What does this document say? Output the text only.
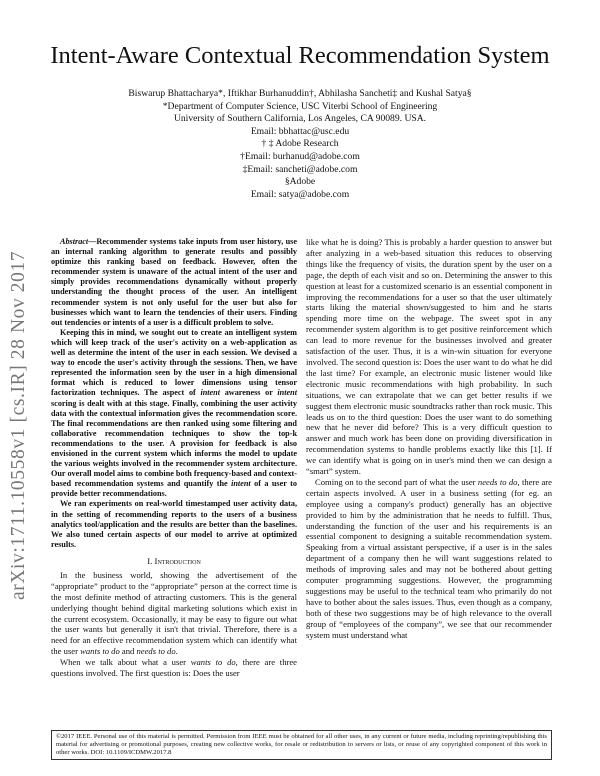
Intent-Aware Contextual Recommendation System
Biswarup Bhattacharya*, Iftikhar Burhanuddin†, Abhilasha Sancheti‡ and Kushal Satya§
*Department of Computer Science, USC Viterbi School of Engineering
University of Southern California, Los Angeles, CA 90089. USA.
Email: bbhattac@usc.edu
† ‡ Adobe Research
†Email: burhanud@adobe.com
‡Email: sancheti@adobe.com
§Adobe
Email: satya@adobe.com
arXiv:1711.10558v1 [cs.IR] 28 Nov 2017

Abstract—Recommender systems take inputs from user history, use an internal ranking algorithm to generate results and possibly optimize this ranking based on feedback. However, often the recommender system is unaware of the actual intent of the user and simply provides recommendations dynamically without properly understanding the thought process of the user. An intelligent recommender system is not only useful for the user but also for businesses which want to learn the tendencies of their users. Finding out tendencies or intents of a user is a difficult problem to solve.

Keeping this in mind, we sought out to create an intelligent system which will keep track of the user's activity on a web-application as well as determine the intent of the user in each session. We devised a way to encode the user's activity through the sessions. Then, we have represented the information seen by the user in a high dimensional format which is reduced to lower dimensions using tensor factorization techniques. The aspect of intent awareness or intent scoring is dealt with at this stage. Finally, combining the user activity data with the contextual information gives the recommendation score. The final recommendations are then ranked using some filtering and collaborative recommendation techniques to show the top-k recommendations to the user. A provision for feedback is also envisioned in the current system which informs the model to update the various weights involved in the recommender system architecture. Our overall model aims to combine both frequency-based and context-based recommendation systems and quantify the intent of a user to provide better recommendations.

We ran experiments on real-world timestamped user activity data, in the setting of recommending reports to the users of a business analytics tool/application and the results are better than the baselines. We also tuned certain aspects of our model to arrive at optimized results.

I. Introduction

In the business world, showing the advertisement of the “appropriate” product to the “appropriate” person at the correct time is the most definite method of attracting customers. This is the general underlying thought behind digital marketing solutions which exist in the current ecosystem. Occasionally, it may be easy to figure out what the user wants but generally it isn't that trivial. Therefore, there is a need for an effective recommendation system which can identify what the user wants to do and needs to do.

When we talk about what a user wants to do, there are three questions involved. The first question is: Does the user

like what he is doing? This is probably a harder question to answer but after analyzing in a web-based situation this reduces to observing things like the frequency of visits, the duration spent by the user on a page, the depth of each visit and so on. Determining the answer to this question at least for a customized scenario is an essential component in improving the recommendations for a user so that the user ultimately starts liking the material shown/suggested to him and he starts spending more time on the webpage. The sweet spot in any recommender system algorithm is to get positive reinforcement which can lead to more revenue for the businesses involved and greater satisfaction of the user. Thus, it is a win-win situation for everyone involved. The second question is: Does the user want to do what he did the last time? For example, an electronic music listener would like electronic music recommendations with high probability. In such situations, we can extrapolate that we can get better results if we suggest them electronic music soundtracks rather than rock music. This leads us on to the third question: Does the user want to do something new that he never did before? This is a very difficult question to answer and much work has been done on providing diversification in recommendation systems to handle problems exactly like this [1]. If we can identify what is going on in user's mind then we can design a “smart” system.

Coming on to the second part of what the user needs to do, there are certain aspects involved. A user in a business setting (for eg. an employee using a company's product) generally has an objective provided to him by the administration that he needs to fulfill. Thus, understanding the function of the user and his requirements is an essential component to designing a suitable recommendation system. Speaking from a virtual assistant perspective, if a user is in the sales department of a company then he will want suggestions related to methods of improving sales and may not be bothered about getting computer programming suggestions. However, the programming suggestions may be useful to the technical team who primarily do not have to bother about the sales issues. Thus, even though as a company, both of these two suggestions may be of high relevance to the overall group of “employees of the company”, we see that our recommender system must understand what

©2017 IEEE. Personal use of this material is permitted. Permission from IEEE must be obtained for all other uses, in any current or future media, including reprinting/republishing this material for advertising or promotional purposes, creating new collective works, for resale or redistribution to servers or lists, or reuse of any copyrighted component of this work in other works. DOI: 10.1109/ICDMW.2017.8
